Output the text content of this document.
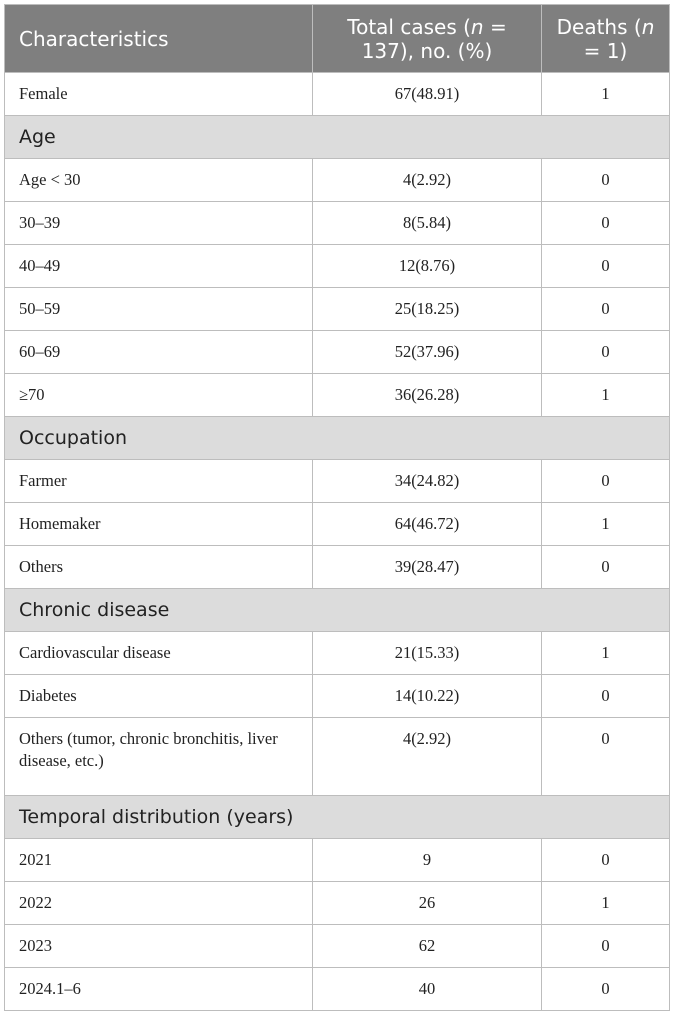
Characteristics	Total cases (n = 137), no. (%)	Deaths (n = 1)
Female	67(48.91)	1
Age		
Age < 30	4(2.92)	0
30–39	8(5.84)	0
40–49	12(8.76)	0
50–59	25(18.25)	0
60–69	52(37.96)	0
≥70	36(26.28)	1
Occupation		
Farmer	34(24.82)	0
Homemaker	64(46.72)	1
Others	39(28.47)	0
Chronic disease		
Cardiovascular disease	21(15.33)	1
Diabetes	14(10.22)	0
Others (tumor, chronic bronchitis, liver disease, etc.)	4(2.92)	0
Temporal distribution (years)		
2021	9	0
2022	26	1
2023	62	0
2024.1–6	40	0
